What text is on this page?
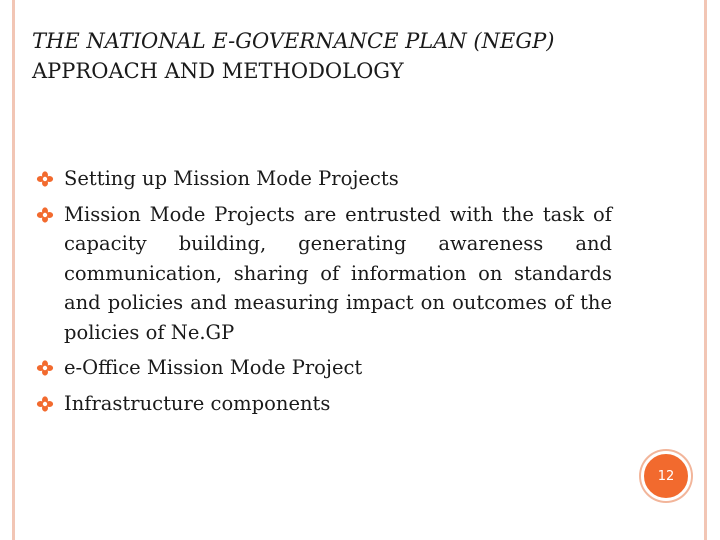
THE NATIONAL E-GOVERNANCE PLAN (NEGP)
APPROACH AND METHODOLOGY
Setting up Mission Mode Projects
Mission Mode Projects are entrusted with the task of capacity building, generating awareness and communication, sharing of information on standards and policies and measuring impact on outcomes of the policies of Ne.GP
e-Office Mission Mode Project
Infrastructure components
12
